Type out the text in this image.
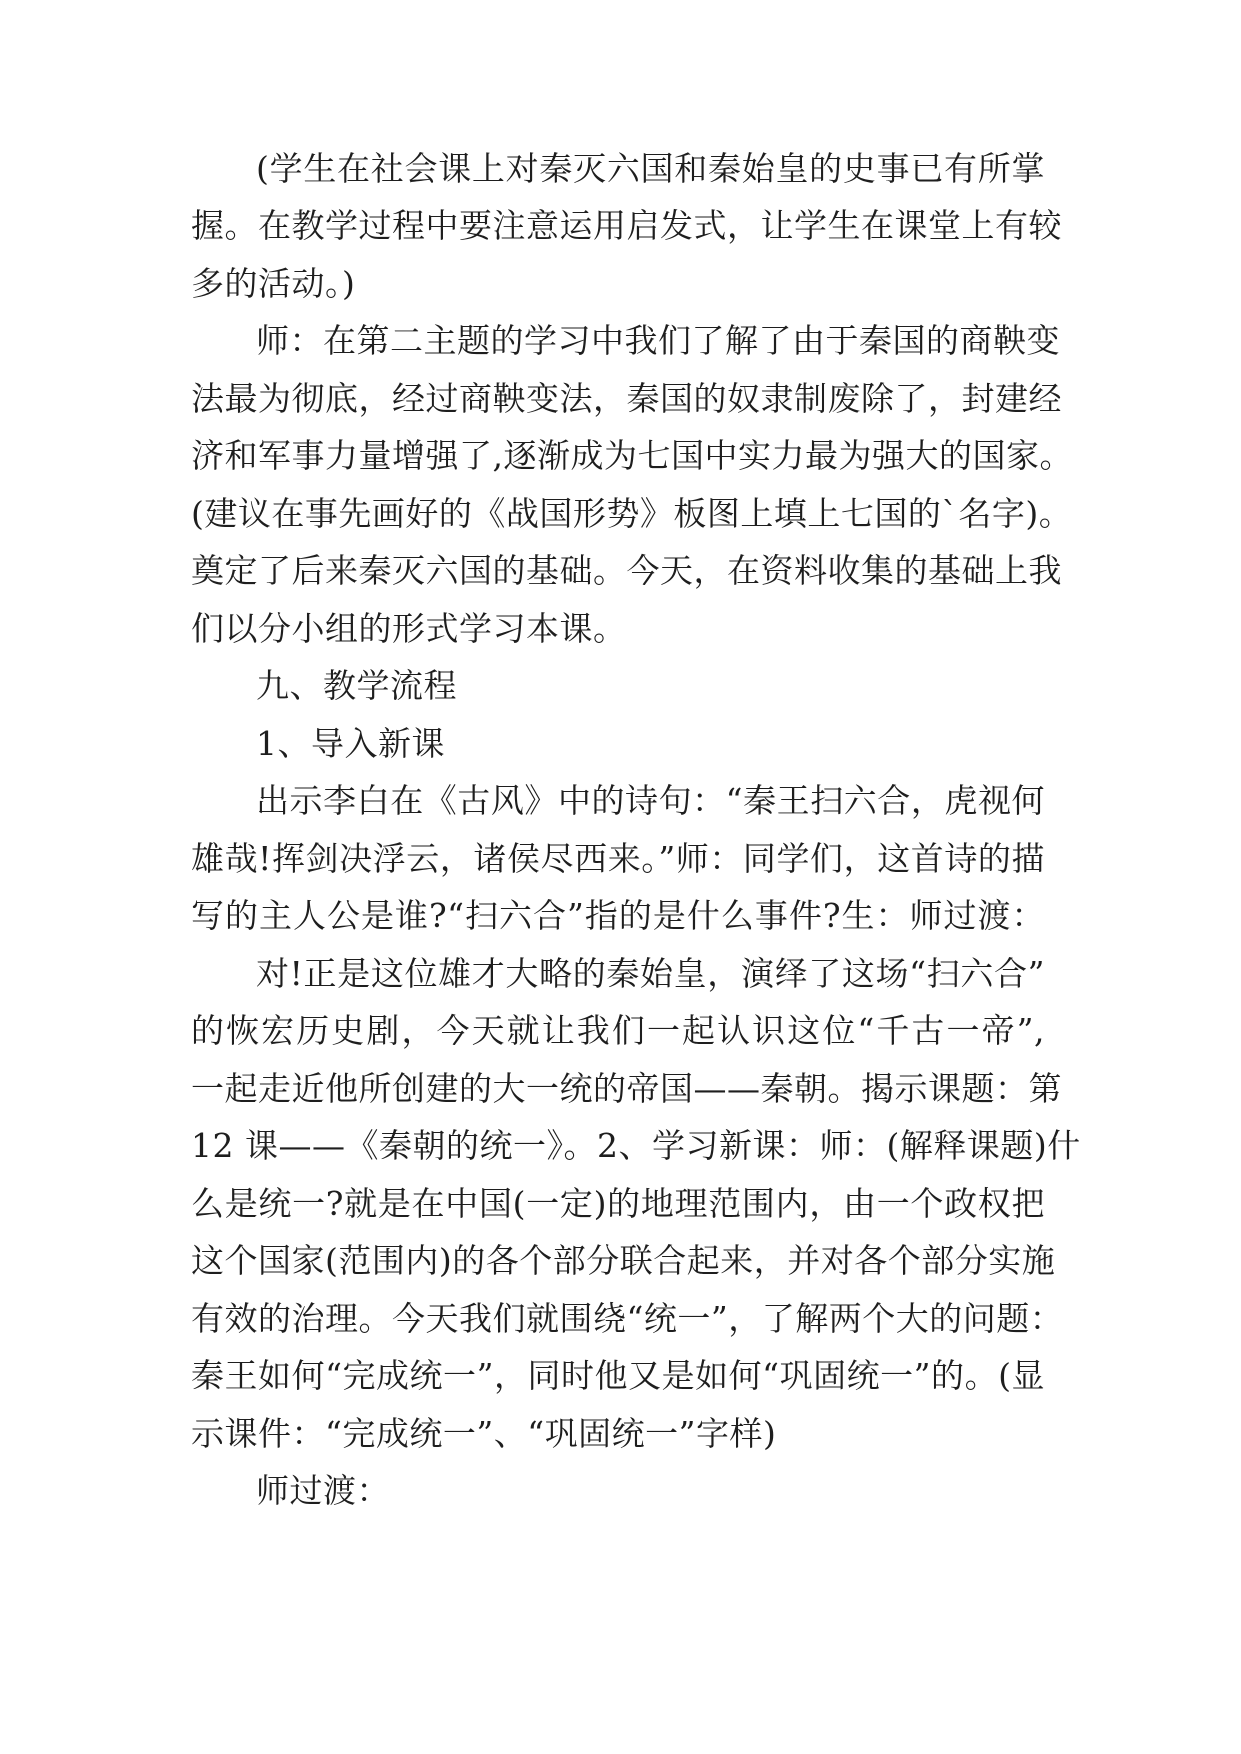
(学生在社会课上对秦灭六国和秦始皇的史事已有所掌
握。在教学过程中要注意运用启发式，让学生在课堂上有较
多的活动。)
师：在第二主题的学习中我们了解了由于秦国的商鞅变
法最为彻底，经过商鞅变法，秦国的奴隶制废除了，封建经
济和军事力量增强了,逐渐成为七国中实力最为强大的国家。
(建议在事先画好的《战国形势》板图上填上七国的`名字)。
奠定了后来秦灭六国的基础。今天，在资料收集的基础上我
们以分小组的形式学习本课。
九、教学流程
1、导入新课
出示李白在《古风》中的诗句：“秦王扫六合，虎视何
雄哉!挥剑决浮云，诸侯尽西来。”师：同学们，这首诗的描
写的主人公是谁?“扫六合”指的是什么事件?生：师过渡：
对!正是这位雄才大略的秦始皇，演绎了这场“扫六合”
的恢宏历史剧，今天就让我们一起认识这位“千古一帝”,
一起走近他所创建的大一统的帝国——秦朝。揭示课题：第
12 课——《秦朝的统一》。2、学习新课：师：(解释课题)什
么是统一?就是在中国(一定)的地理范围内，由一个政权把
这个国家(范围内)的各个部分联合起来，并对各个部分实施
有效的治理。今天我们就围绕“统一”，了解两个大的问题：
秦王如何“完成统一”，同时他又是如何“巩固统一”的。(显
示课件：“完成统一”、“巩固统一”字样)
师过渡：
